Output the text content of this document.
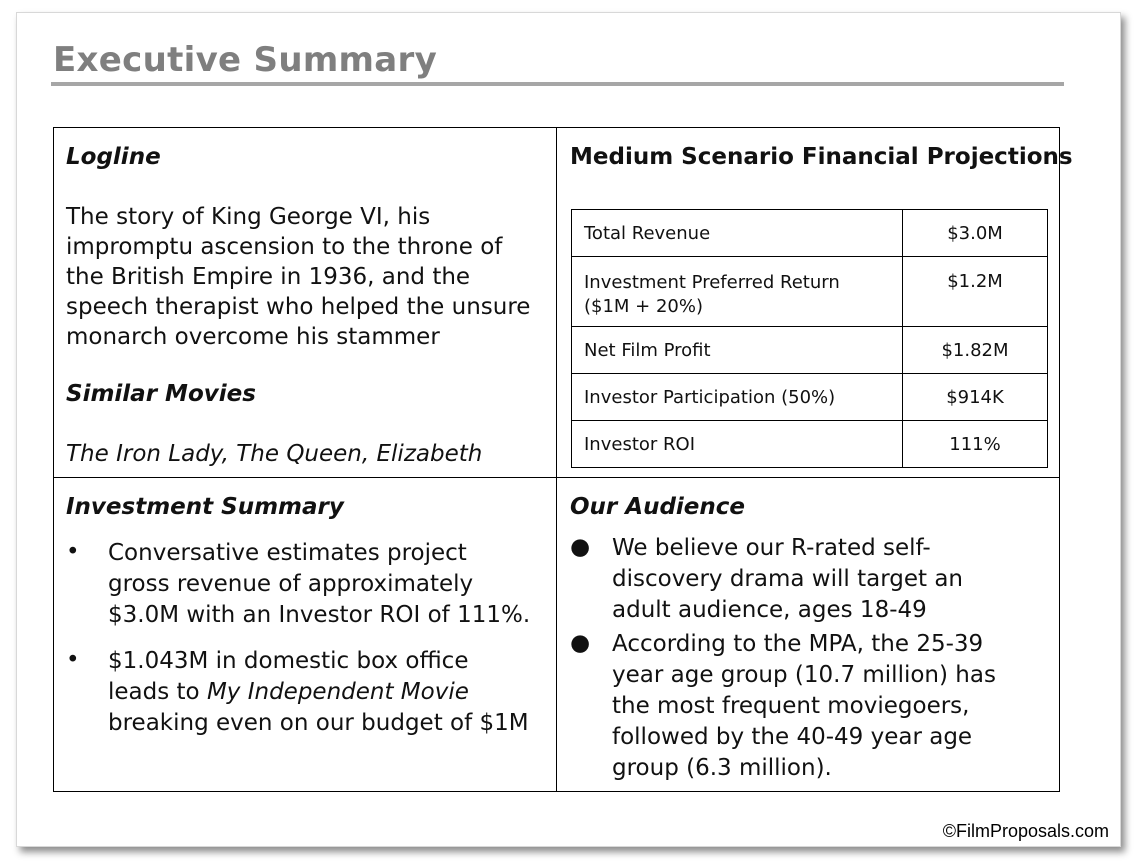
Executive Summary
Logline
The story of King George VI, his
impromptu ascension to the throne of
the British Empire in 1936, and the
speech therapist who helped the unsure
monarch overcome his stammer
Similar Movies
The Iron Lady, The Queen, Elizabeth
Medium Scenario Financial Projections
Total Revenue	$3.0M

Investment Preferred Return
($1M + 20%)	$1.2M
Net Film Profit	$1.82M
Investor Participation (50%)	$914K
Investor ROI	111%
Investment Summary
• Conversative estimates project
gross revenue of approximately
$3.0M with an Investor ROI of 111%.
• $1.043M in domestic box office
leads to My Independent Movie
breaking even on our budget of $1M
Our Audience
● We believe our R-rated self-
discovery drama will target an
adult audience, ages 18-49
● According to the MPA, the 25-39
year age group (10.7 million) has
the most frequent moviegoers,
followed by the 40-49 year age
group (6.3 million).
©FilmProposals.com
